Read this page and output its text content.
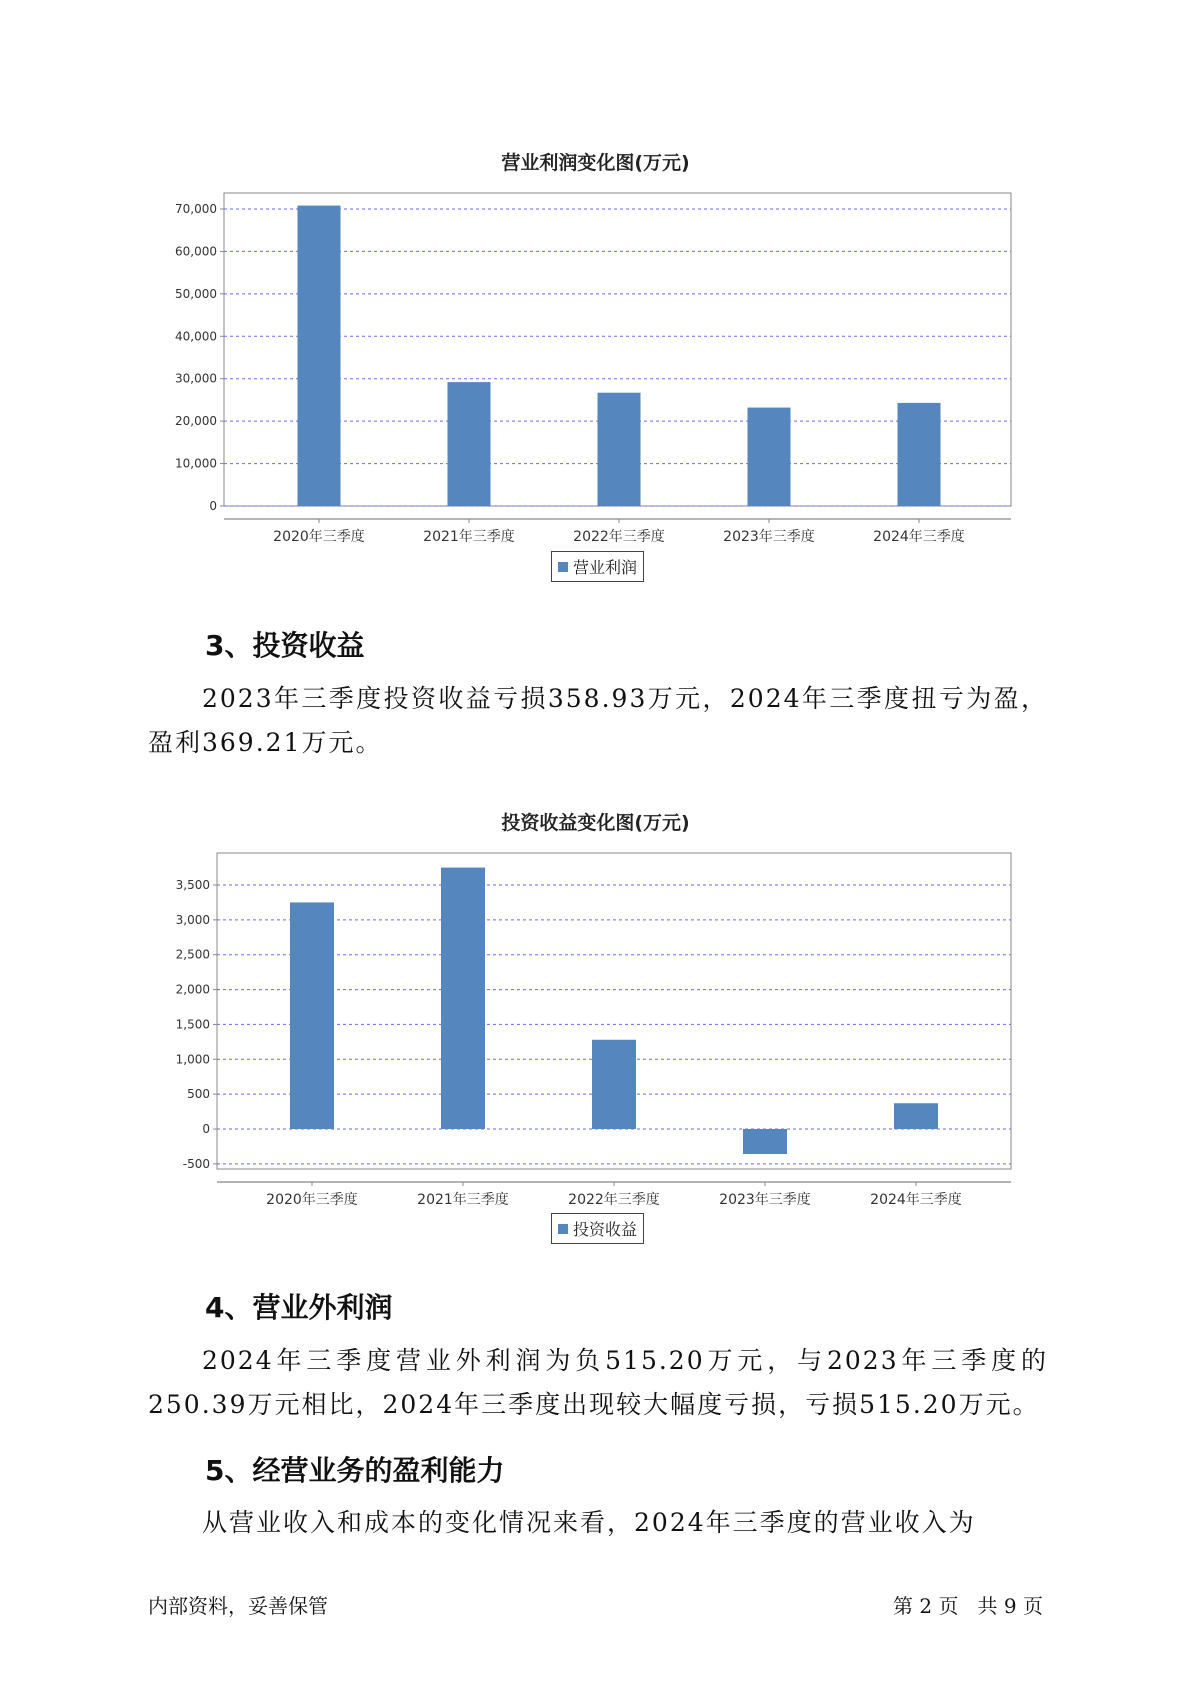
营业利润变化图(万元)
0
10,000
20,000
30,000
40,000
50,000
60,000
70,000
2020年三季度	2021年三季度	2022年三季度	2023年三季度	2024年三季度
营业利润
3、投资收益
2023年三季度投资收益亏损358.93万元，2024年三季度扭亏为盈，盈利369.21万元。
投资收益变化图(万元)
-500
0
500
1,000
1,500
2,000
2,500
3,000
3,500
2020年三季度	2021年三季度	2022年三季度	2023年三季度	2024年三季度
投资收益
4、营业外利润
2024年三季度营业外利润为负515.20万元，与2023年三季度的250.39万元相比，2024年三季度出现较大幅度亏损，亏损515.20万元。
5、经营业务的盈利能力
从营业收入和成本的变化情况来看，2024年三季度的营业收入为
内部资料，妥善保管	第 2 页   共 9 页
